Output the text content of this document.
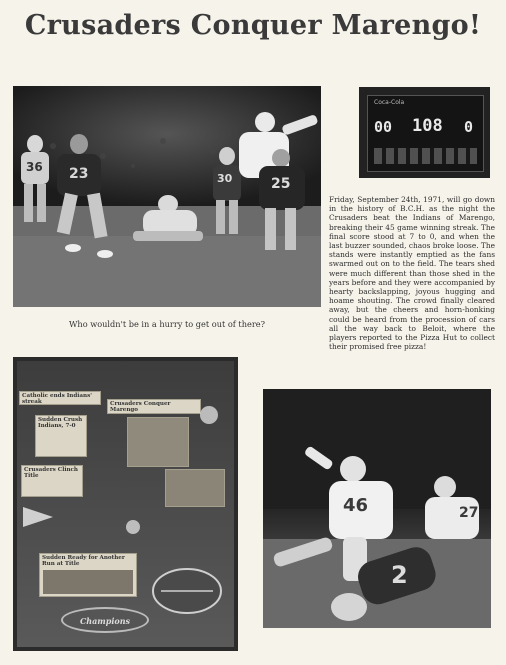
Crusaders Conquer Marengo!
36 23	30	25
Who wouldn't be in a hurry to get out of there?
Coca-Cola
00 108 0
Friday, September 24th, 1971, will go down in the history of B.C.H. as the night the Crusaders beat the Indians of Marengo, breaking their 45 game winning streak. The final score stood at 7 to 0, and when the last buzzer sounded, chaos broke loose. The stands were instantly emptied as the fans swarmed out on to the field. The tears shed were much different than those shed in the years before and they were accompanied by hearty backslapping, joyous hugging and hoame shouting. The crowd finally cleared away, but the cheers and horn-honking could be heard from the procession of cars all the way back to Beloit, where the players reported to the Pizza Hut to collect their promised free pizza!
Catholic ends Indians' streak	Crusaders Conquer Marengo
Sudden Crush Indians, 7-0
Crusaders Clinch Title
Sudden Ready for Another Run at Title
Champions
46	27
2
